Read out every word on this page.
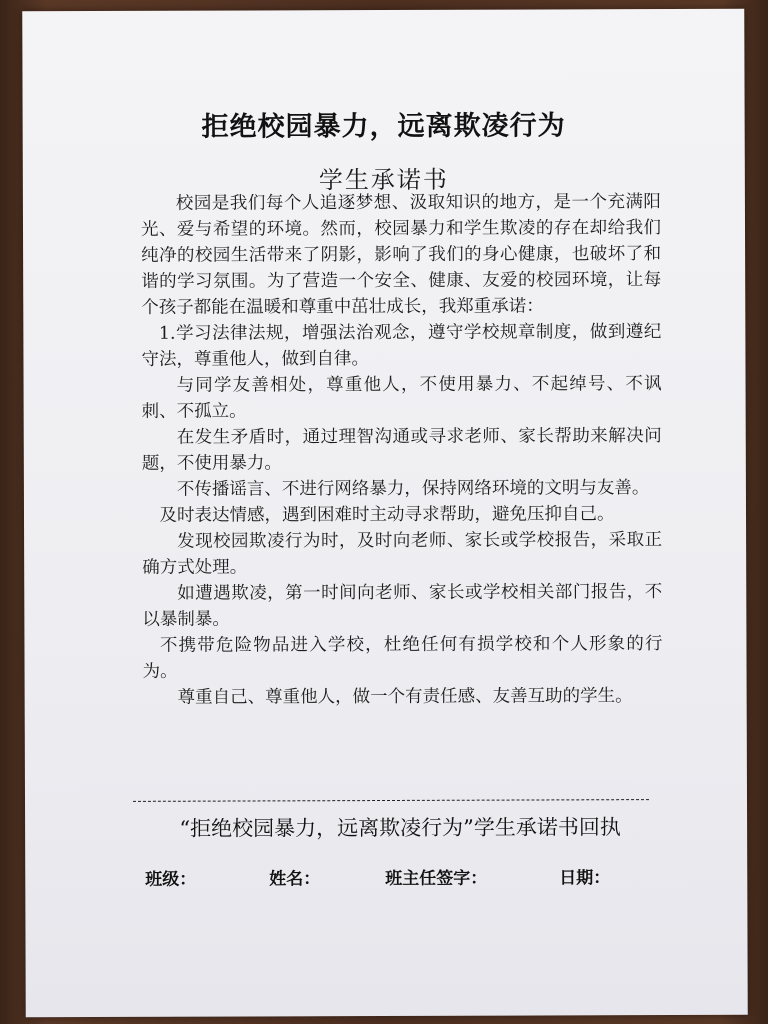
拒绝校园暴力，远离欺凌行为
学生承诺书

校园是我们每个人追逐梦想、汲取知识的地方，是一个充满阳光、爱与希望的环境。然而，校园暴力和学生欺凌的存在却给我们纯净的校园生活带来了阴影，影响了我们的身心健康，也破坏了和谐的学习氛围。为了营造一个安全、健康、友爱的校园环境，让每个孩子都能在温暖和尊重中茁壮成长，我郑重承诺：

1.学习法律法规，增强法治观念，遵守学校规章制度，做到遵纪守法，尊重他人，做到自律。

与同学友善相处，尊重他人，不使用暴力、不起绰号、不讽刺、不孤立。

在发生矛盾时，通过理智沟通或寻求老师、家长帮助来解决问题，不使用暴力。

不传播谣言、不进行网络暴力，保持网络环境的文明与友善。

及时表达情感，遇到困难时主动寻求帮助，避免压抑自己。

发现校园欺凌行为时，及时向老师、家长或学校报告，采取正确方式处理。

如遭遇欺凌，第一时间向老师、家长或学校相关部门报告，不以暴制暴。

不携带危险物品进入学校，杜绝任何有损学校和个人形象的行为。

尊重自己、尊重他人，做一个有责任感、友善互助的学生。

“拒绝校园暴力，远离欺凌行为”学生承诺书回执
班级：	姓名：	班主任签字：	日期：
